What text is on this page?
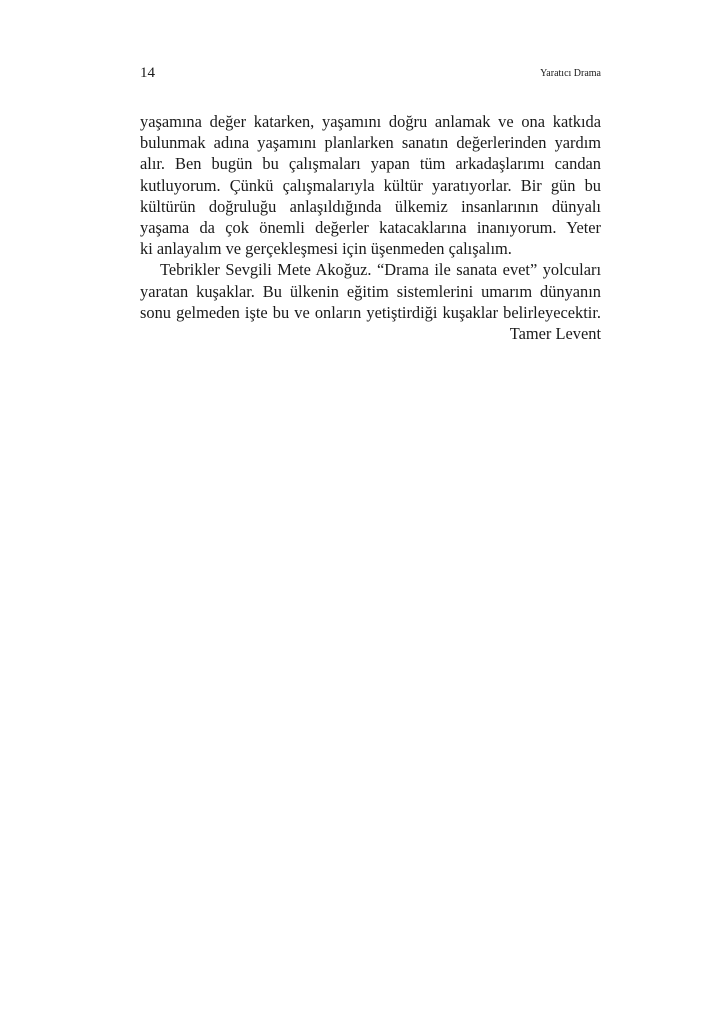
14	Yaratıcı Drama
yaşamına değer katarken, yaşamını doğru anlamak ve ona katkıda
bulunmak adına yaşamını planlarken sanatın değerlerinden yardım
alır. Ben bugün bu çalışmaları yapan tüm arkadaşlarımı candan
kutluyorum. Çünkü çalışmalarıyla kültür yaratıyorlar. Bir gün bu
kültürün doğruluğu anlaşıldığında ülkemiz insanlarının dünyalı
yaşama da çok önemli değerler katacaklarına inanıyorum. Yeter
ki anlayalım ve gerçekleşmesi için üşenmeden çalışalım.
Tebrikler Sevgili Mete Akoğuz. “Drama ile sanata evet” yolcuları
yaratan kuşaklar. Bu ülkenin eğitim sistemlerini umarım dünyanın
sonu gelmeden işte bu ve onların yetiştirdiği kuşaklar belirleyecektir.

Tamer Levent
